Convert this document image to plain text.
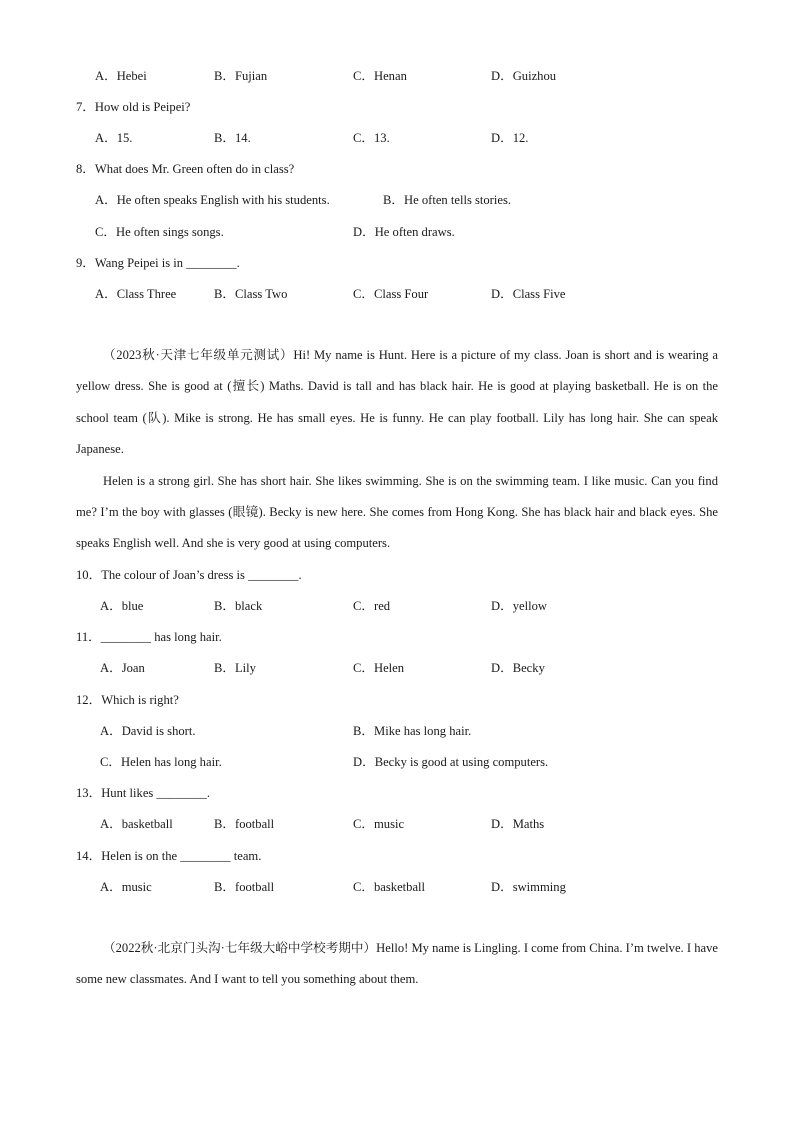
A．Hebei	B．Fujian	C．Henan	D．Guizhou
7．How old is Peipei?
A．15.	B．14.	C．13.	D．12.
8．What does Mr. Green often do in class?
A．He often speaks English with his students.	B．He often tells stories.
C．He often sings songs.	D．He often draws.
9．Wang Peipei is in ________.
A．Class Three	B．Class Two	C．Class Four	D．Class Five

（2023秋·天津七年级单元测试）Hi! My name is Hunt. Here is a picture of my class. Joan is short and is wearing a yellow dress. She is good at (擅长) Maths. David is tall and has black hair. He is good at playing basketball. He is on the school team (队). Mike is strong. He has small eyes. He is funny. He can play football. Lily has long hair. She can speak Japanese.

Helen is a strong girl. She has short hair. She likes swimming. She is on the swimming team. I like music. Can you find me? I’m the boy with glasses (眼镜). Becky is new here. She comes from Hong Kong. She has black hair and black eyes. She speaks English well. And she is very good at using computers.

10．The colour of Joan’s dress is ________.
A．blue	B．black	C．red	D．yellow
11．________ has long hair.
A．Joan	B．Lily	C．Helen	D．Becky
12．Which is right?
A．David is short.	B．Mike has long hair.
C．Helen has long hair.	D．Becky is good at using computers.
13．Hunt likes ________.
A．basketball	B．football	C．music	D．Maths
14．Helen is on the ________ team.
A．music	B．football	C．basketball	D．swimming

（2022秋·北京门头沟·七年级大峪中学校考期中）Hello! My name is Lingling. I come from China. I’m twelve. I have some new classmates. And I want to tell you something about them.
